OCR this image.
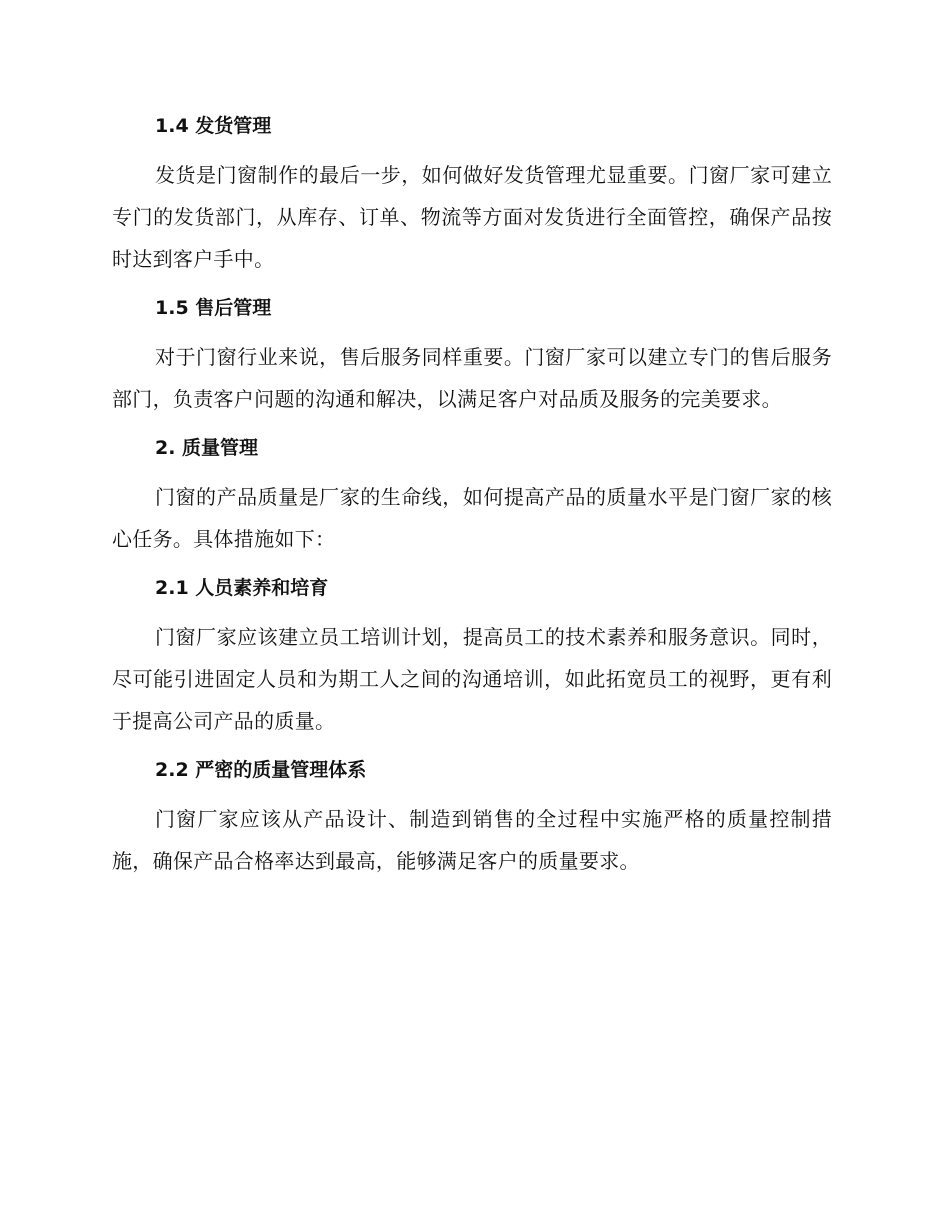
1.4 发货管理

发货是门窗制作的最后一步，如何做好发货管理尤显重要。门窗厂家可建立专门的发货部门，从库存、订单、物流等方面对发货进行全面管控，确保产品按时达到客户手中。

1.5 售后管理

对于门窗行业来说，售后服务同样重要。门窗厂家可以建立专门的售后服务部门，负责客户问题的沟通和解决，以满足客户对品质及服务的完美要求。

2. 质量管理

门窗的产品质量是厂家的生命线，如何提高产品的质量水平是门窗厂家的核心任务。具体措施如下：

2.1 人员素养和培育

门窗厂家应该建立员工培训计划，提高员工的技术素养和服务意识。同时，尽可能引进固定人员和为期工人之间的沟通培训，如此拓宽员工的视野，更有利于提高公司产品的质量。

2.2 严密的质量管理体系

门窗厂家应该从产品设计、制造到销售的全过程中实施严格的质量控制措施，确保产品合格率达到最高，能够满足客户的质量要求。
